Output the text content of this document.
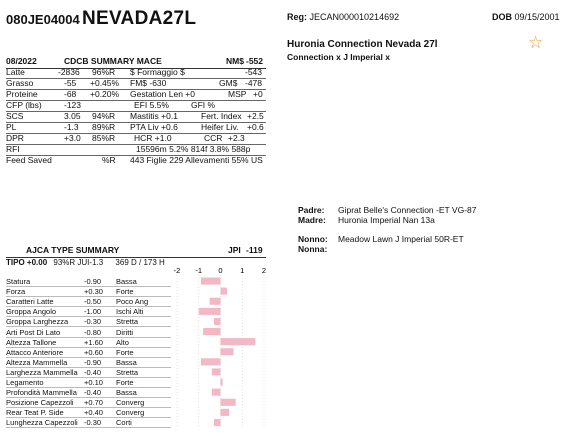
080JE04004 NEVADA27L	Reg: JECAN000010214692	DOB 09/15/2001
Huronia Connection Nevada 27l
Connection x J Imperial x
☆
08/2022	CDCB SUMMARY MACE	NM$ -552
Latte	-2836 96%R $ Formaggio $	-543
Grasso	-55 +0.45% FM$ -630	GM$ -478
Proteine	-68 +0.20% Gestation Len +0	MSP +0
CFP (lbs)	-123	EFI 5.5%	GFI %
SCS	3.05 94%R Mastitis +0.1	Fert. Index +2.5
PL	-1.3 89%R PTA Liv +0.6	Heifer Liv. +0.6
DPR	+3.0 85%R HCR +1.0	CCR +2.3
RFI	15596m 5.2% 814f 3.8% 588p
Feed Saved	%R 443 Figlie 229 Allevamenti 55% US
Padre: Giprat Belle's Connection -ET VG-87
Madre: Huronia Imperial Nan 13a
Nonno: Meadow Lawn J Imperial 50R-ET
Nonna:
AJCA TYPE SUMMARY	JPI -119
TIPO +0.00 93%R JUI-1.3 369 D / 173 H
Statura	-0.90 Bassa
Forza	+0.30 Forte
Caratteri Latte	-0.50 Poco Ang
Groppa Angolo	-1.00 Ischi Alti
Groppa Larghezza -0.30 Stretta
Arti Post Di Lato	-0.80 Diritti
Altezza Tallone	+1.60 Alto
Attacco Anteriore	+0.60 Forte
Altezza Mammella -0.90 Bassa
Larghezza Mammella -0.40 Stretta
Legamento	+0.10 Forte
Profondità Mammella -0.40 Bassa
Posizione Capezzoli +0.70 Converg
Rear Teat P. Side	+0.40 Converg
Lunghezza Capezzoli -0.30 Corti
-2 -1 0 1 2
